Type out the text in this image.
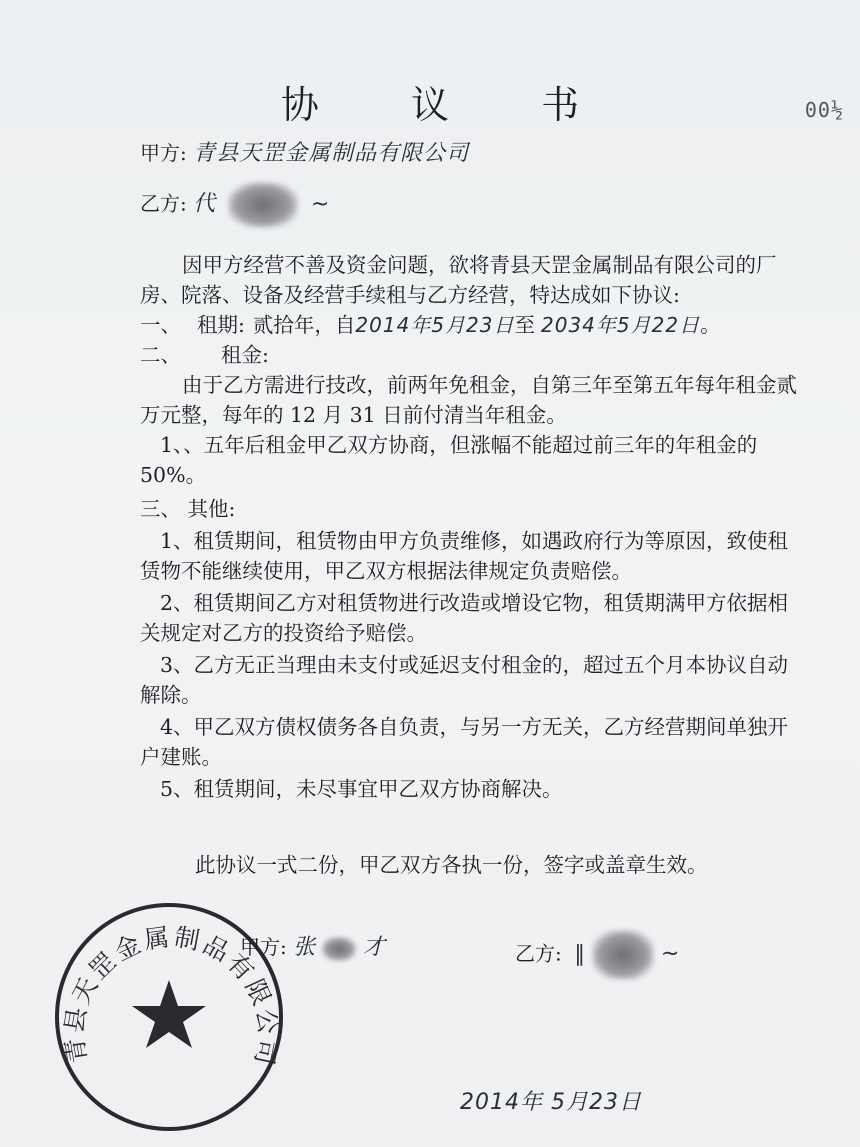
00½
协 议 书
甲方: 青县天罡金属制品有限公司
乙方: 代	~

因甲方经营不善及资金问题，欲将青县天罡金属制品有限公司的厂房、院落、设备及经营手续租与乙方经营，特达成如下协议:

一、 租期: 贰拾年，自 2014年5月23日 至 2034年5月22日 。
二、 租金:

由于乙方需进行技改，前两年免租金，自第三年至第五年每年租金贰万元整，每年的 12 月 31 日前付清当年租金。

1、、五年后租金甲乙双方协商，但涨幅不能超过前三年的年租金的50%。

三、 其他:

1、租赁期间，租赁物由甲方负责维修，如遇政府行为等原因，致使租赁物不能继续使用，甲乙双方根据法律规定负责赔偿。

2、租赁期间乙方对租赁物进行改造或增设它物，租赁期满甲方依据相关规定对乙方的投资给予赔偿。

3、乙方无正当理由未支付或延迟支付租金的，超过五个月本协议自动解除。

4、甲乙双方债权债务各自负责，与另一方无关，乙方经营期间单独开户建账。

5、租赁期间，未尽事宜甲乙双方协商解决。

此协议一式二份，甲乙双方各执一份，签字或盖章生效。
青县天罡金属制品有限公司
甲方: 张 才	乙方: ∥	~
2014年 5月23日
